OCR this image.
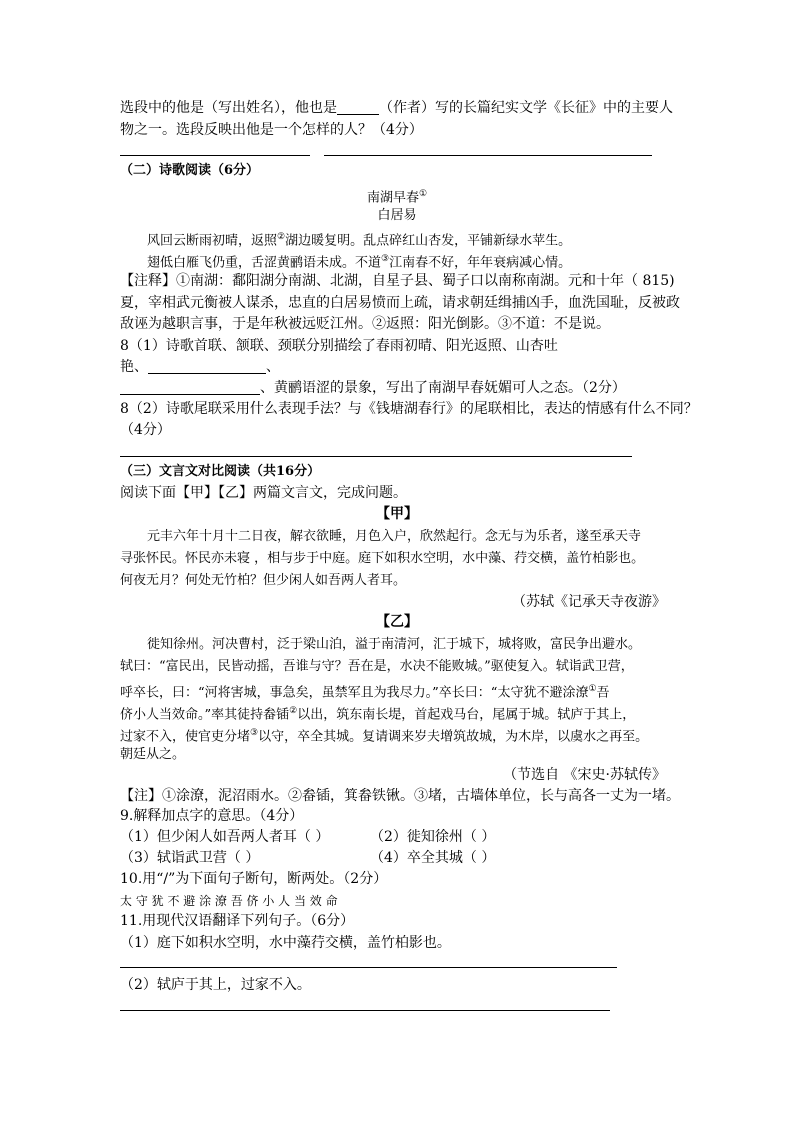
选段中的他是（写出姓名），他也是	（作者）写的长篇纪实文学《长征》中的主要人
物之一。选段反映出他是一个怎样的人？（4分）
（二）诗歌阅读（6分）
南湖早春①
白居易
风回云断雨初晴，返照②湖边暖复明。乱点碎红山杏发，平铺新绿水苹生。
翅低白雁飞仍重，舌涩黄鹂语未成。不道③江南春不好，年年衰病减心情。
【注释】①南湖：鄱阳湖分南湖、北湖，自星子县、蜀子口以南称南湖。元和十年（ 815)
夏，宰相武元衡被人谋杀，忠直的白居易愤而上疏，请求朝廷缉捕凶手，血洗国耻，反被政
敌诬为越职言事，于是年秋被远贬江州。②返照：阳光倒影。③不道：不是说。
8（1）诗歌首联、颔联、颈联分别描绘了春雨初晴、阳光返照、山杏吐
艳、	、
、黄鹂语涩的景象，写出了南湖早春妩媚可人之态。（2分）
8（2）诗歌尾联采用什么表现手法？与《钱塘湖春行》的尾联相比，表达的情感有什么不同？
（4分）
（三）文言文对比阅读（共16分）
阅读下面【甲】【乙】两篇文言文，完成问题。
【甲】
元丰六年十月十二日夜，解衣欲睡，月色入户，欣然起行。念无与为乐者，遂至承天寺
寻张怀民。怀民亦未寝 ，相与步于中庭。庭下如积水空明，水中藻、荇交横，盖竹柏影也。
何夜无月？何处无竹柏？但少闲人如吾两人者耳。
（苏轼《记承天寺夜游》
【乙】
徙知徐州。河决曹村，泛于梁山泊，溢于南清河，汇于城下，城将败，富民争出避水。
轼曰：“富民出，民皆动摇，吾谁与守？吾在是，水决不能败城。”驱使复入。轼诣武卫营，
呼卒长，曰：“河将害城，事急矣，虽禁军且为我尽力。”卒长曰：“太守犹不避涂潦①吾
侪小人当效命。”率其徒持畚锸②以出，筑东南长堤，首起戏马台，尾属于城。轼庐于其上，
过家不入，使官吏分堵③以守，卒全其城。复请调来岁夫增筑故城，为木岸，以虞水之再至。
朝廷从之。
（节选自 《宋史·苏轼传》
【注】①涂潦，泥沼雨水。②畚锸，箕畚铁锹。③堵，古墙体单位，长与高各一丈为一堵。
9.解释加点字的意思。（4分）
（1）但少闲人如吾两人者耳（ ）	（2）徙知徐州（ ）
（3）轼诣武卫营（ ）	（4）卒全其城（ ）
10.用“/”为下面句子断句，断两处。（2分）
太 守 犹 不 避 涂 潦 吾 侪 小 人 当 效 命
11.用现代汉语翻译下列句子。（6分）
（1）庭下如积水空明，水中藻荇交横，盖竹柏影也。
（2）轼庐于其上，过家不入。
